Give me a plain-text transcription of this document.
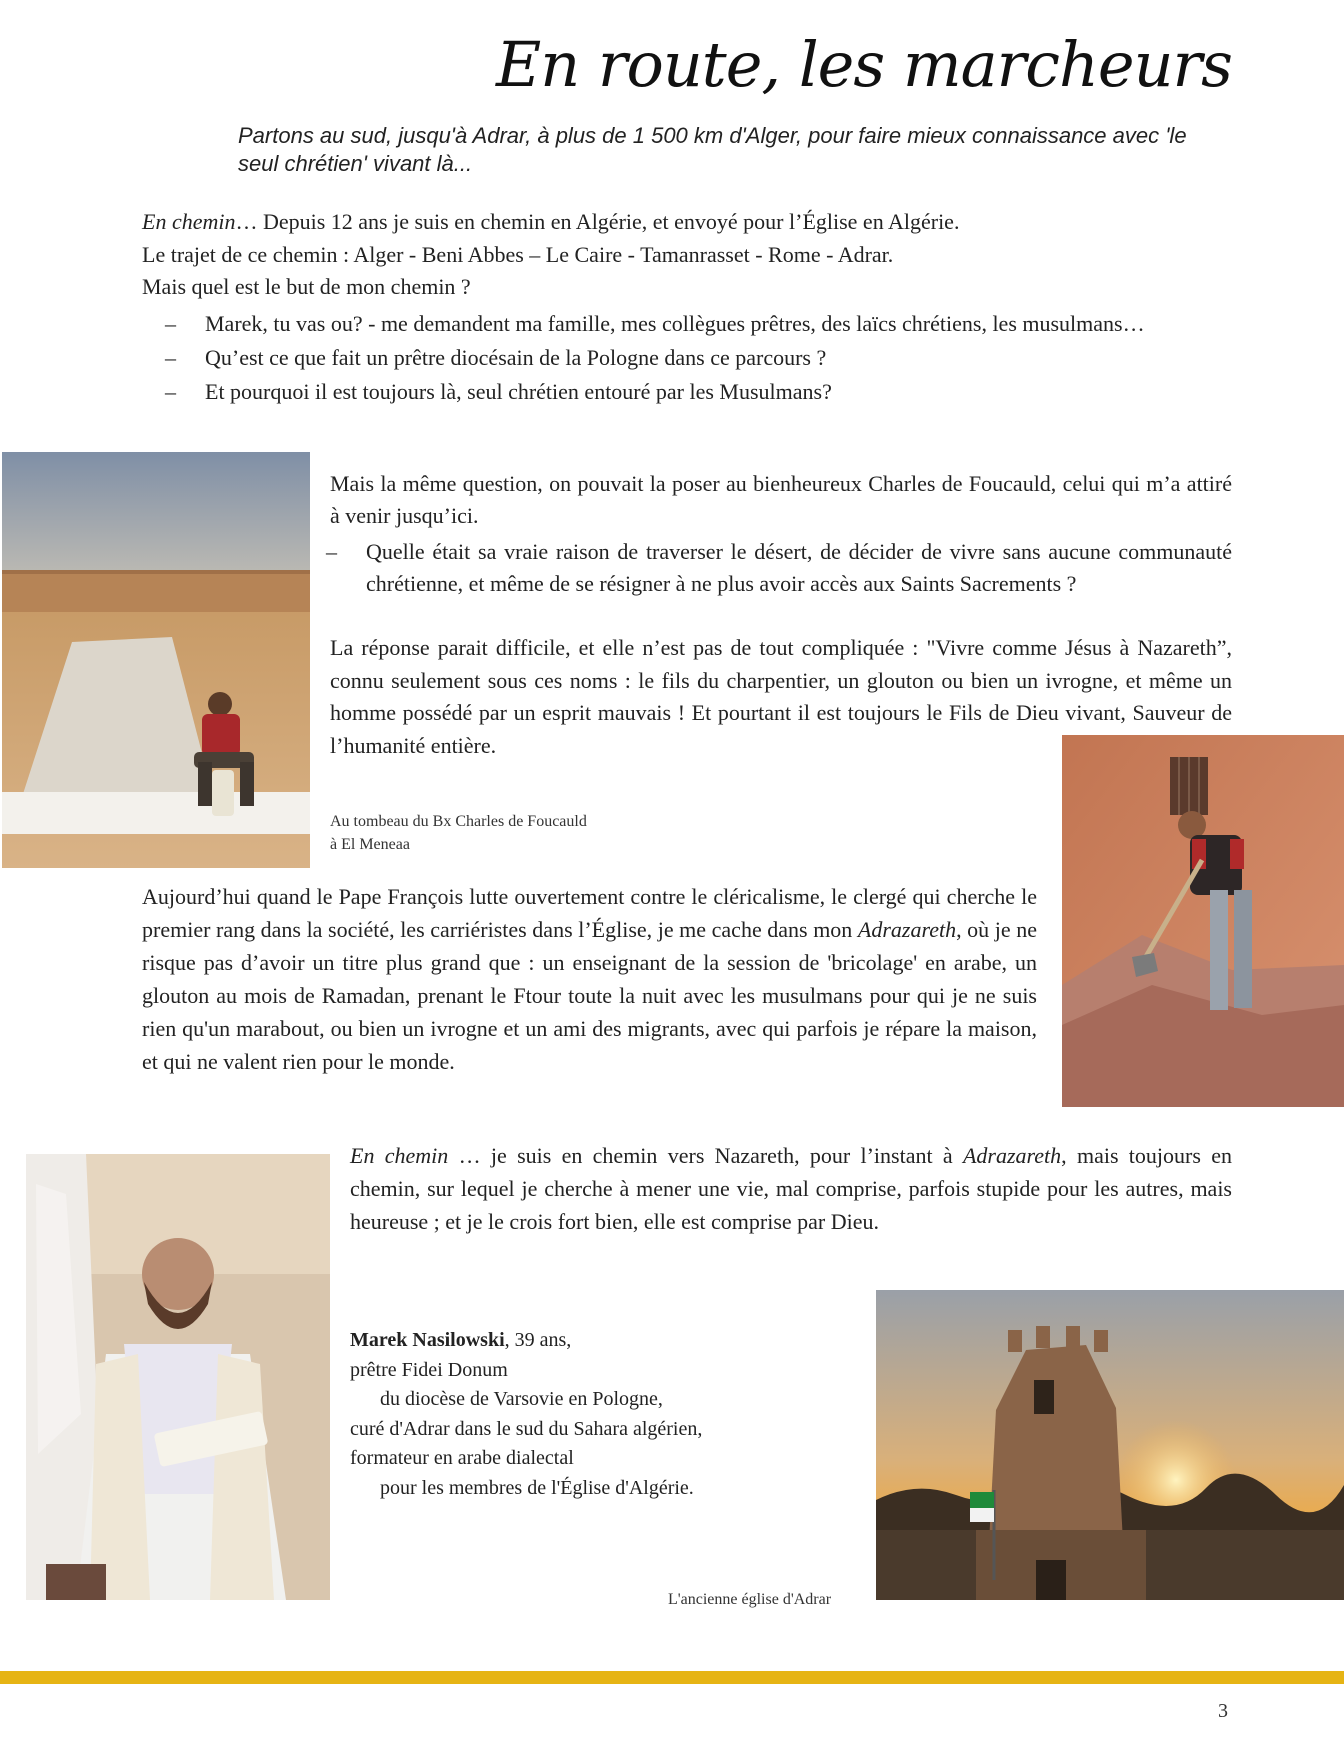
En route, les marcheurs
Partons au sud, jusqu'à Adrar, à plus de 1 500 km d'Alger, pour faire mieux connaissance avec 'le seul chrétien' vivant là...
En chemin… Depuis 12 ans je suis en chemin en Algérie, et envoyé pour l’Église en Algérie.
Le trajet de ce chemin : Alger - Beni Abbes – Le Caire - Tamanrasset - Rome - Adrar.
Mais quel est le but de mon chemin ?
– Marek, tu vas ou? - me demandent ma famille, mes collègues prêtres, des laïcs chrétiens, les musulmans…
– Qu’est ce que fait un prêtre diocésain de la Pologne dans ce parcours ?
– Et pourquoi il est toujours là, seul chrétien entouré par les Musulmans?
Mais la même question, on pouvait la poser au bienheureux Charles de Foucauld, celui qui m’a attiré à venir jusqu’ici.
– Quelle était sa vraie raison de traverser le désert, de décider de vivre sans aucune communauté chrétienne, et même de se résigner à ne plus avoir accès aux Saints Sacrements ?
La réponse parait difficile, et elle n’est pas de tout compliquée : "Vivre comme Jésus à Nazareth”, connu seulement sous ces noms : le fils du charpentier, un glouton ou bien un ivrogne, et même un homme possédé par un esprit mauvais ! Et pourtant il est toujours le Fils de Dieu vivant, Sauveur de l’humanité entière.
Au tombeau du Bx Charles de Foucauld
à El Meneaa
Aujourd’hui quand le Pape François lutte ouvertement contre le cléricalisme, le clergé qui cherche le premier rang dans la société, les carriéristes dans l’Église, je me cache dans mon Adrazareth, où je ne risque pas d’avoir un titre plus grand que : un enseignant de la session de 'bricolage' en arabe, un glouton au mois de Ramadan, prenant le Ftour toute la nuit avec les musulmans pour qui je ne suis rien qu'un marabout, ou bien un ivrogne et un ami des migrants, avec qui parfois je répare la maison, et qui ne valent rien pour le monde.
En chemin … je suis en chemin vers Nazareth, pour l’instant à Adrazareth, mais toujours en chemin, sur lequel je cherche à mener une vie, mal comprise, parfois stupide pour les autres, mais heureuse ; et je le crois fort bien, elle est comprise par Dieu.
Marek Nasilowski, 39 ans,
prêtre Fidei Donum
du diocèse de Varsovie en Pologne,
curé d'Adrar dans le sud du Sahara algérien,
formateur en arabe dialectal
pour les membres de l'Église d'Algérie.
L'ancienne église d'Adrar
3
